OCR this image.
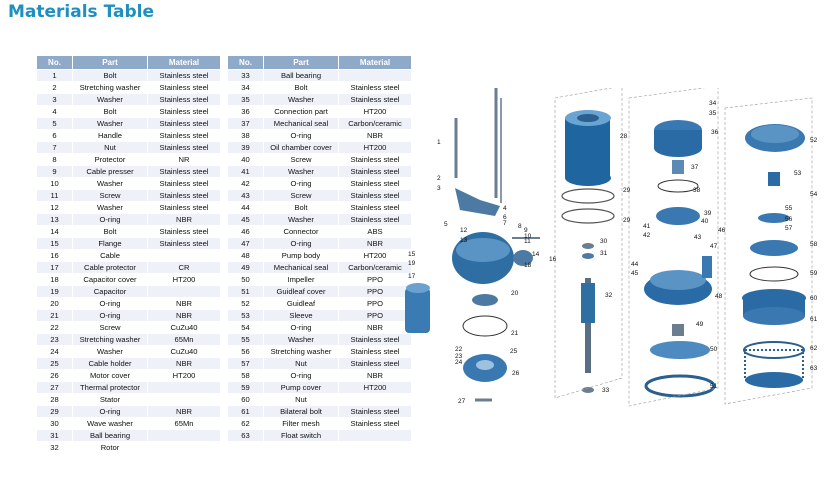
Materials Table
No.	Part	Material		No.	Part	Material
1	Bolt	Stainless steel		33	Ball bearing	
2	Stretching washer	Stainless steel		34	Bolt	Stainless steel
3	Washer	Stainless steel		35	Washer	Stainless steel
4	Bolt	Stainless steel		36	Connection part	HT200
5	Washer	Stainless steel		37	Mechanical seal	Carbon/ceramic
6	Handle	Stainless steel		38	O-ring	NBR
7	Nut	Stainless steel		39	Oil chamber cover	HT200
8	Protector	NR		40	Screw	Stainless steel
9	Cable presser	Stainless steel		41	Washer	Stainless steel
10	Washer	Stainless steel		42	O-ring	Stainless steel
11	Screw	Stainless steel		43	Screw	Stainless steel
12	Washer	Stainless steel		44	Bolt	Stainless steel
13	O-ring	NBR		45	Washer	Stainless steel
14	Bolt	Stainless steel		46	Connector	ABS
15	Flange	Stainless steel		47	O-ring	NBR
16	Cable			48	Pump body	HT200
17	Cable protector	CR		49	Mechanical seal	Carbon/ceramic
18	Capacitor cover	HT200		50	Impeller	PPO
19	Capacitor			51	Guidleaf cover	PPO
20	O-ring	NBR		52	Guidleaf	PPO
21	O-ring	NBR		53	Sleeve	PPO
22	Screw	CuZu40		54	O-ring	NBR
23	Stretching washer	65Mn		55	Washer	Stainless steel
24	Washer	CuZu40		56	Stretching washer	Stainless steel
25	Cable holder	NBR		57	Nut	Stainless steel
26	Motor cover	HT200		58	O-ring	NBR
27	Thermal protector			59	Pump cover	HT200
28	Stator			60	Nut	
29	O-ring	NBR		61	Bilateral bolt	Stainless steel
30	Wave washer	65Mn		62	Filter mesh	Stainless steel
31	Ball bearing			63	Float switch	
32	Rotor					
1
2
3
4
5
6
7 8
9
10
11
12
13
14
15
16
17
18
19
20
21
22
23
24
25
26
27
28
29
29
30
31
32
33
34
35
36
37
38
39
40
41
42	43
44
45
46
47
48
49
50
51
52
53
54
55
56
57
58
59
60
61
62
63
